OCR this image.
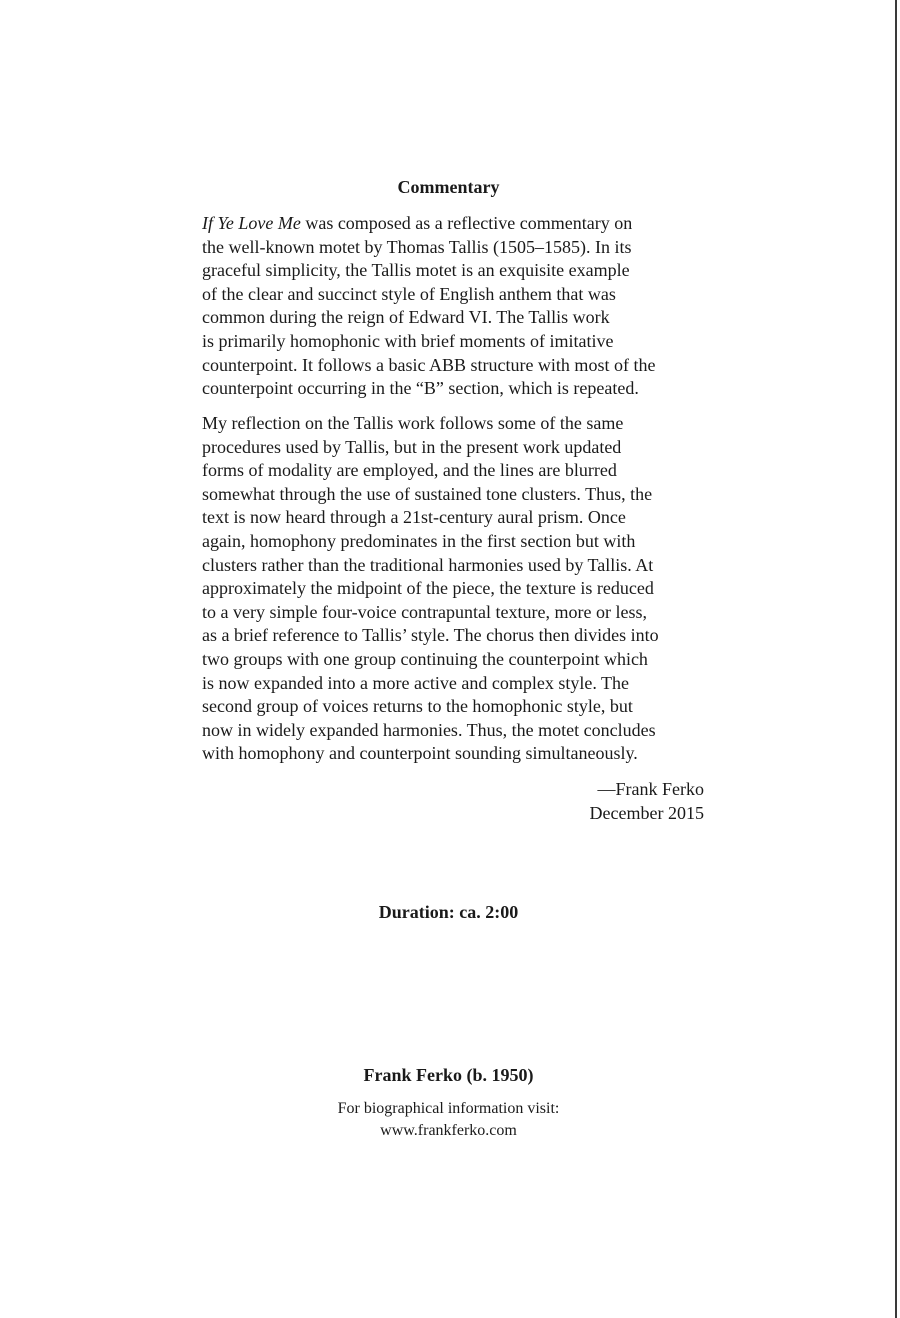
Commentary

If Ye Love Me was composed as a reflective commentary on
the well-known motet by Thomas Tallis (1505–1585). In its
graceful simplicity, the Tallis motet is an exquisite example
of the clear and succinct style of English anthem that was
common during the reign of Edward VI. The Tallis work
is primarily homophonic with brief moments of imitative
counterpoint. It follows a basic ABB structure with most of the
counterpoint occurring in the “B” section, which is repeated.

My reflection on the Tallis work follows some of the same
procedures used by Tallis, but in the present work updated
forms of modality are employed, and the lines are blurred
somewhat through the use of sustained tone clusters. Thus, the
text is now heard through a 21st-century aural prism. Once
again, homophony predominates in the first section but with
clusters rather than the traditional harmonies used by Tallis. At
approximately the midpoint of the piece, the texture is reduced
to a very simple four-voice contrapuntal texture, more or less,
as a brief reference to Tallis’ style. The chorus then divides into
two groups with one group continuing the counterpoint which
is now expanded into a more active and complex style. The
second group of voices returns to the homophonic style, but
now in widely expanded harmonies. Thus, the motet concludes
with homophony and counterpoint sounding simultaneously.

—Frank Ferko
December 2015
Duration: ca. 2:00
Frank Ferko (b. 1950)
For biographical information visit:
www.frankferko.com
